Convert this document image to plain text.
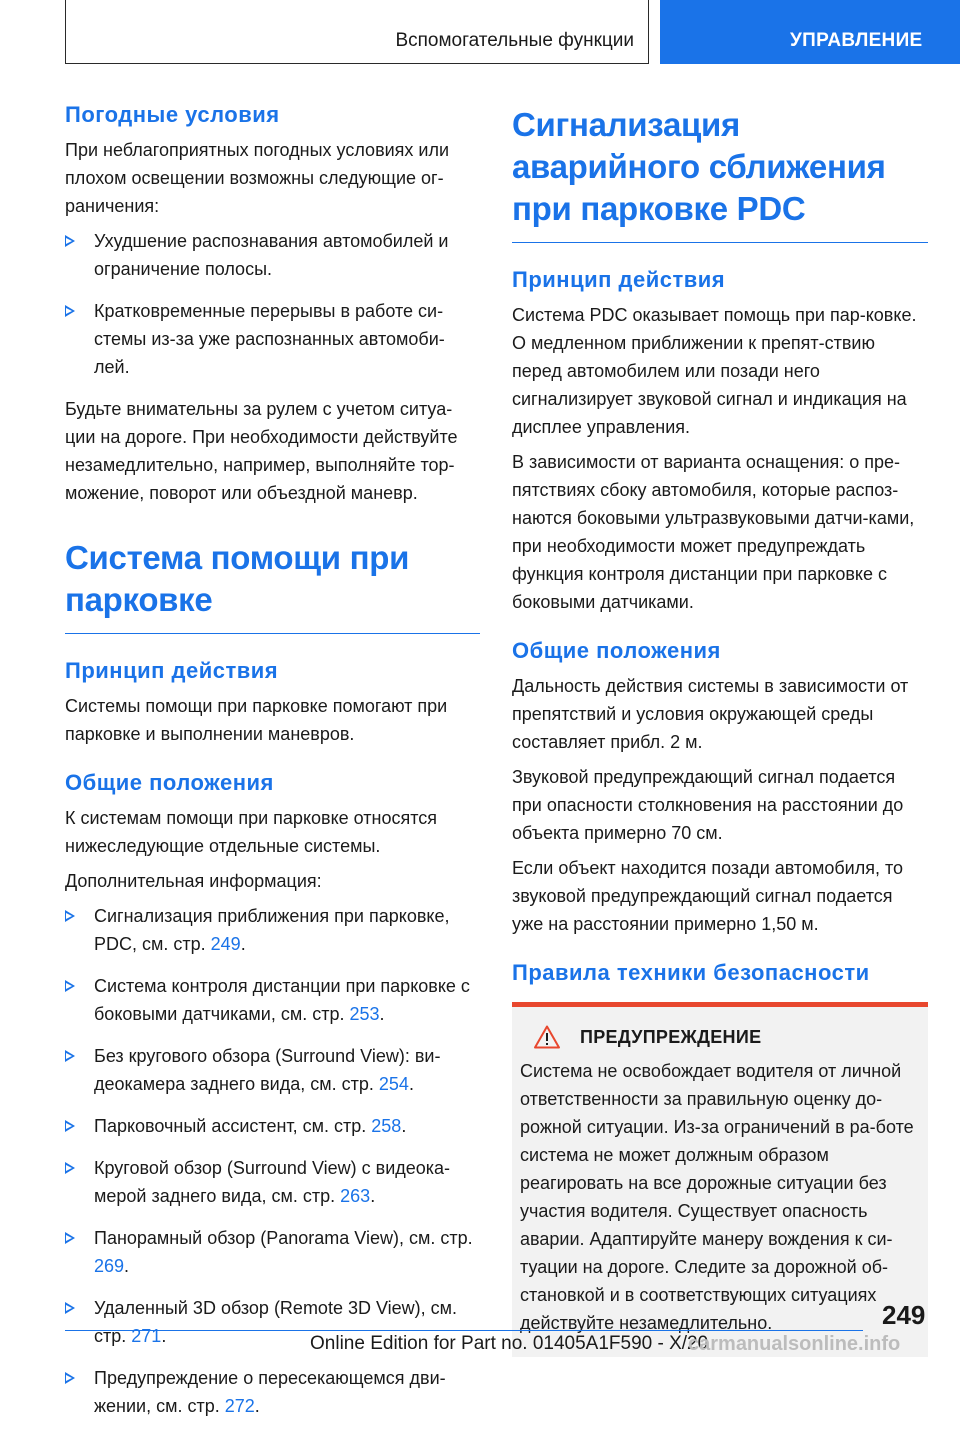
Вспомогательные функции	УПРАВЛЕНИЕ
Погодные условия

При неблагоприятных погодных условиях или плохом освещении возможны следующие ог-раничения:

Ухудшение распознавания автомобилей и ограничение полосы.
Кратковременные перерывы в работе си-стемы из-за уже распознанных автомоби-лей.

Будьте внимательны за рулем с учетом ситуа-ции на дороге. При необходимости действуйте незамедлительно, например, выполняйте тор-можение, поворот или объездной маневр.

Система помощи при парковке
Принцип действия

Системы помощи при парковке помогают при парковке и выполнении маневров.

Общие положения

К системам помощи при парковке относятся нижеследующие отдельные системы.

Дополнительная информация:

Сигнализация приближения при парковке, PDC, см. стр. 249.
Система контроля дистанции при парковке с боковыми датчиками, см. стр. 253.
Без кругового обзора (Surround View): ви-деокамера заднего вида, см. стр. 254.
Парковочный ассистент, см. стр. 258.
Круговой обзор (Surround View) с видеока-мерой заднего вида, см. стр. 263.
Панорамный обзор (Panorama View), см. стр. 269.
Удаленный 3D обзор (Remote 3D View), см. стр. 271.
Предупреждение о пересекающемся дви-жении, см. стр. 272.
Сигнализация аварийного сближения при парковке PDC
Принцип действия

Система PDC оказывает помощь при пар-ковке. О медленном приближении к препят-ствию перед автомобилем или позади него сигнализирует звуковой сигнал и индикация на дисплее управления.

В зависимости от варианта оснащения: о пре-пятствиях сбоку автомобиля, которые распоз-наются боковыми ультразвуковыми датчи-ками, при необходимости может предупреждать функция контроля дистанции при парковке с боковыми датчиками.

Общие положения

Дальность действия системы в зависимости от препятствий и условия окружающей среды составляет прибл. 2 м.

Звуковой предупреждающий сигнал подается при опасности столкновения на расстоянии до объекта примерно 70 см.

Если объект находится позади автомобиля, то звуковой предупреждающий сигнал подается уже на расстоянии примерно 1,50 м.

Правила техники безопасности
ПРЕДУПРЕЖДЕНИЕ

Система не освобождает водителя от личной ответственности за правильную оценку до-рожной ситуации. Из-за ограничений в ра-боте система не может должным образом реагировать на все дорожные ситуации без участия водителя. Существует опасность аварии. Адаптируйте манеру вождения к си-туации на дороге. Следите за дорожной об-становкой и в соответствующих ситуациях действуйте незамедлительно.	249
Online Edition for Part no. 01405A1F590 - X/20
carmanualsonline.info
